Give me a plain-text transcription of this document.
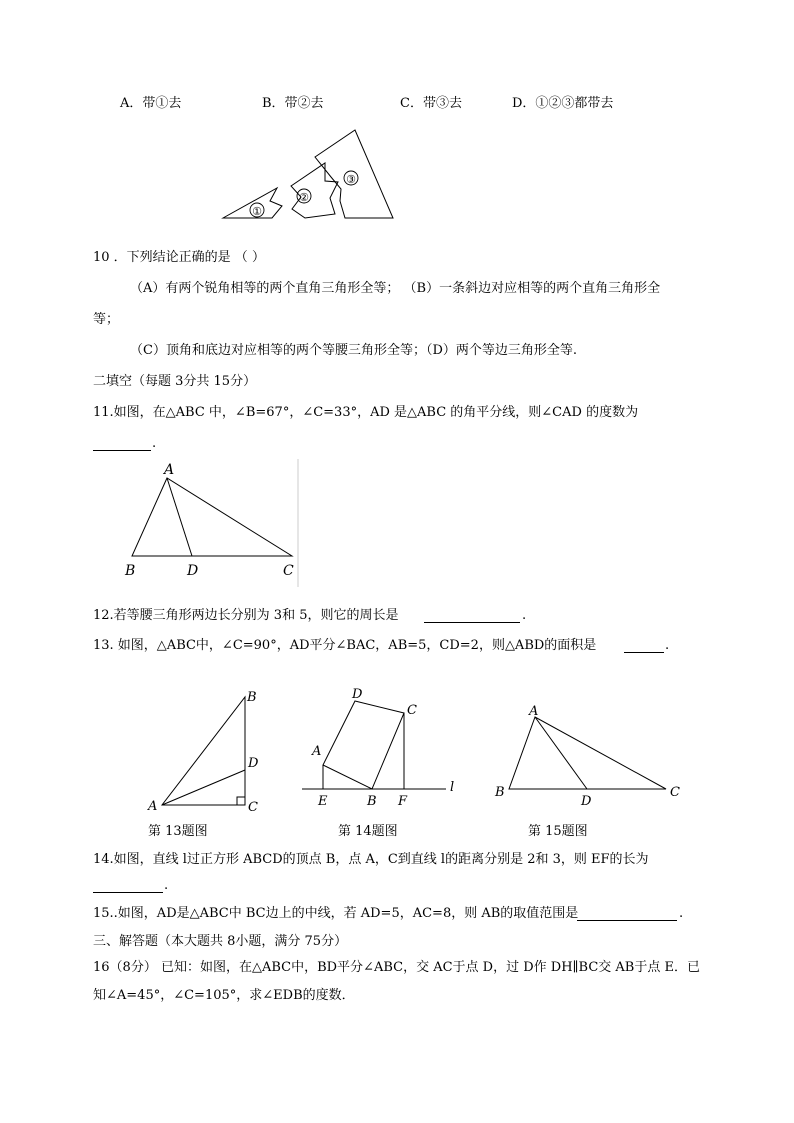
A．带①去	B．带②去	C．带③去	D．①②③都带去
①
②
③
10 ．下列结论正确的是 （ ）
（A）有两个锐角相等的两个直角三角形全等； （B）一条斜边对应相等的两个直角三角形全
等；
（C）顶角和底边对应相等的两个等腰三角形全等；（D）两个等边三角形全等.
二填空（每题 3分共 15分）
11.如图，在△ABC 中，∠B=67°，∠C=33°，AD 是△ABC 的角平分线，则∠CAD 的度数为
.
A
B	D	C
12.若等腰三角形两边长分别为 3和 5，则它的周长是	.
13. 如图，△ABC中，∠C=90°，AD平分∠BAC，AB=5，CD=2，则△ABD的面积是	.
B
D
A	C
第 13题图
D
C
A
E	B F
l
第 14题图
A
B
D
C
第 15题图
14.如图，直线 l过正方形 ABCD的顶点 B，点 A，C到直线 l的距离分别是 2和 3，则 EF的长为
.
15..如图，AD是△ABC中 BC边上的中线，若 AD=5，AC=8，则 AB的取值范围是	.
三、解答题（本大题共 8小题，满分 75分）
16（8分） 已知：如图，在△ABC中，BD平分∠ABC，交 AC于点 D，过 D作 DH∥BC交 AB于点 E．已
知∠A=45°，∠C=105°，求∠EDB的度数．
